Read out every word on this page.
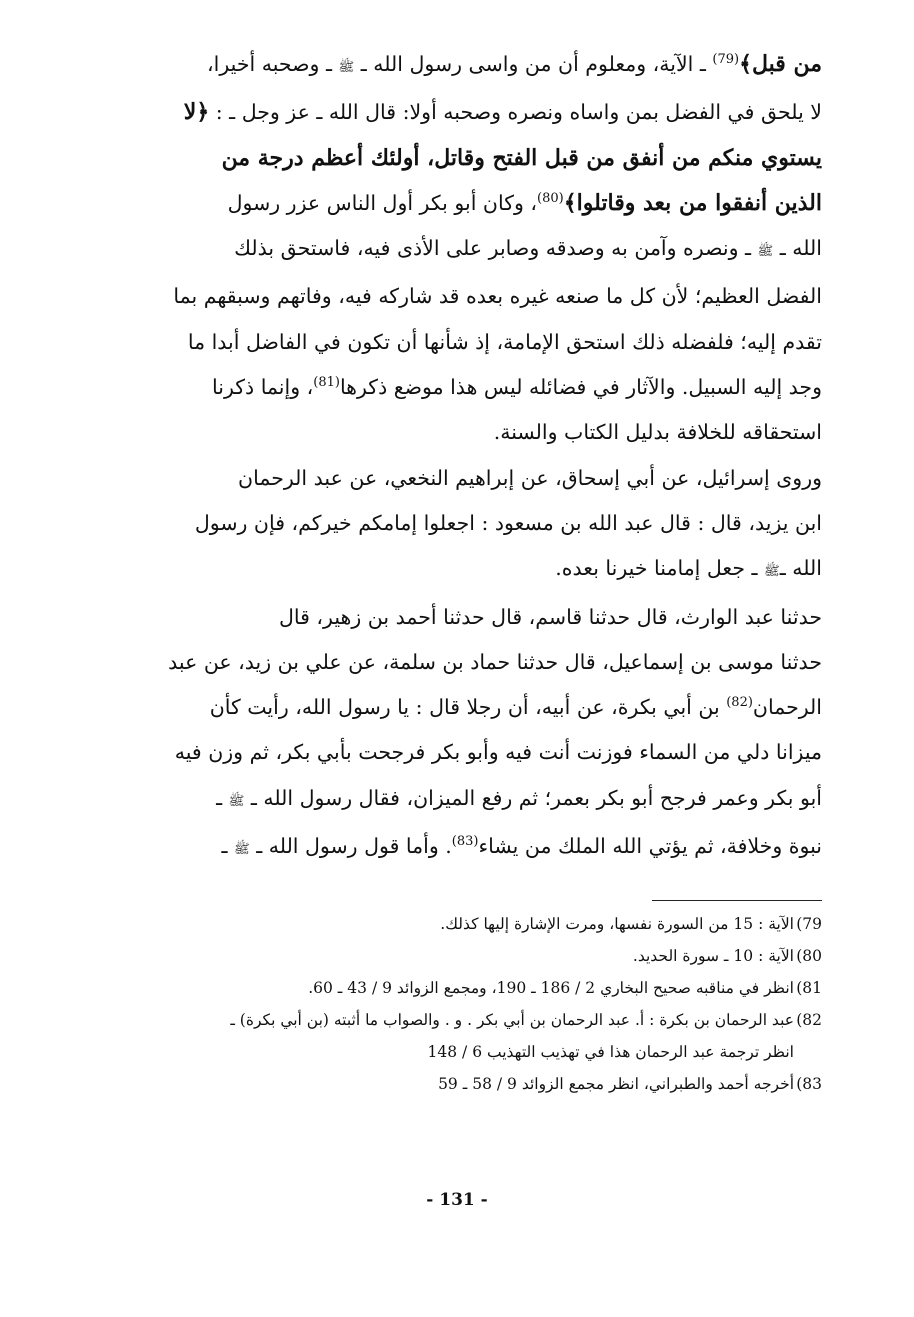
من قبل﴾$^{(79)}$ ـ الآية، ومعلوم أن من واسى رسول الله ـ ﷺ ـ وصحبه أخيرا،

لا يلحق في الفضل بمن واساه ونصره وصحبه أولا: قال الله ـ عز وجل ـ : ﴿لا

يستوي منكم من أنفق من قبل الفتح وقاتل، أولئك أعظم درجة من

الذين أنفقوا من بعد وقاتلوا﴾$^{(80)}$، وكان أبو بكر أول الناس عزر رسول

الله ـ ﷺ ـ ونصره وآمن به وصدقه وصابر على الأذى فيه، فاستحق بذلك

الفضل العظيم؛ لأن كل ما صنعه غيره بعده قد شاركه فيه، وفاتهم وسبقهم بما

تقدم إليه؛ فلفضله ذلك استحق الإمامة، إذ شأنها أن تكون في الفاضل أبدا ما

وجد إليه السبيل. والآثار في فضائله ليس هذا موضع ذكرها$^{(81)}$، وإنما ذكرنا

استحقاقه للخلافة بدليل الكتاب والسنة.

وروى إسرائيل، عن أبي إسحاق، عن إبراهيم النخعي، عن عبد الرحمان

ابن يزيد، قال : قال عبد الله بن مسعود : اجعلوا إمامكم خيركم، فإن رسول

الله ـﷺ ـ جعل إمامنا خيرنا بعده.

حدثنا عبد الوارث، قال حدثنا قاسم، قال حدثنا أحمد بن زهير، قال

حدثنا موسى بن إسماعيل، قال حدثنا حماد بن سلمة، عن علي بن زيد، عن عبد

الرحمان$^{(82)}$ بن أبي بكرة، عن أبيه، أن رجلا قال : يا رسول الله، رأيت كأن

ميزانا دلي من السماء فوزنت أنت فيه وأبو بكر فرجحت بأبي بكر، ثم وزن فيه

أبو بكر وعمر فرجح أبو بكر بعمر؛ ثم رفع الميزان، فقال رسول الله ـ ﷺ ـ

نبوة وخلافة، ثم يؤتي الله الملك من يشاء$^{(83)}$. وأما قول رسول الله ـ ﷺ ـ

79)
الآية : 15 من السورة نفسها، ومرت الإشارة إليها كذلك.
80)
الآية : 10 ـ سورة الحديد.
81)
انظر في مناقبه صحيح البخاري 2 / 186 ـ 190، ومجمع الزوائد 9 / 43 ـ 60.
82)
عبد الرحمان بن بكرة : أ. عبد الرحمان بن أبي بكر . و . والصواب ما أثبته (بن أبي بكرة) ـ
انظر ترجمة عبد الرحمان هذا في تهذيب التهذيب 6 / 148
83)
أخرجه أحمد والطبراني، انظر مجمع الزوائد 9 / 58 ـ 59
- 131 -
